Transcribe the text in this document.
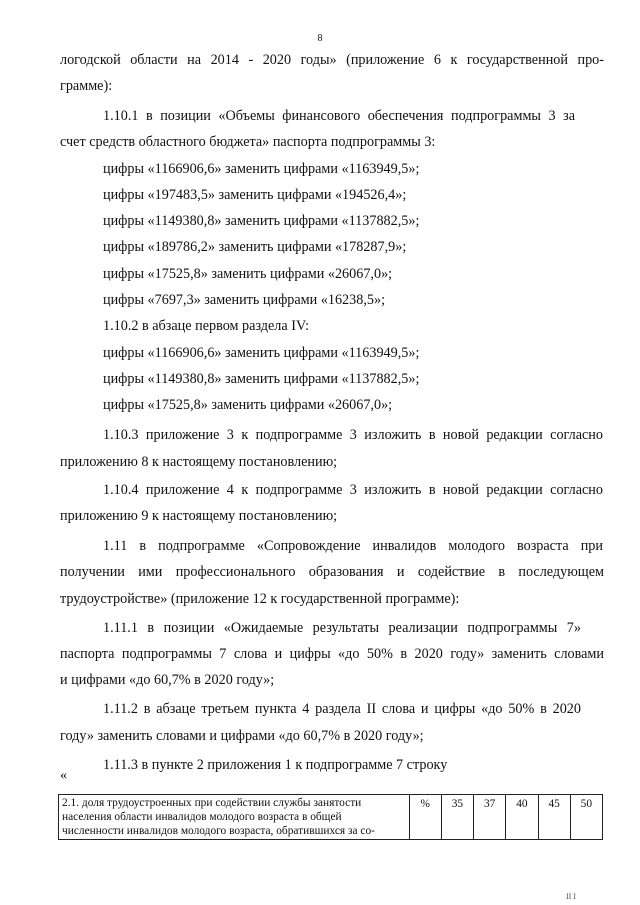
8
логодской области на 2014 - 2020 годы» (приложение 6 к государственной про-
грамме):
1.10.1 в позиции «Объемы финансового обеспечения подпрограммы 3 за
счет средств областного бюджета» паспорта подпрограммы 3:
цифры «1166906,6» заменить цифрами «1163949,5»;
цифры «197483,5» заменить цифрами «194526,4»;
цифры «1149380,8» заменить цифрами «1137882,5»;
цифры «189786,2» заменить цифрами «178287,9»;
цифры «17525,8» заменить цифрами «26067,0»;
цифры «7697,3» заменить цифрами «16238,5»;
1.10.2 в абзаце первом раздела IV:
цифры «1166906,6» заменить цифрами «1163949,5»;
цифры «1149380,8» заменить цифрами «1137882,5»;
цифры «17525,8» заменить цифрами «26067,0»;
1.10.3 приложение 3 к подпрограмме 3 изложить в новой редакции согласно
приложению 8 к настоящему постановлению;
1.10.4 приложение 4 к подпрограмме 3 изложить в новой редакции согласно
приложению 9 к настоящему постановлению;
1.11 в подпрограмме «Сопровождение инвалидов молодого возраста при
получении ими профессионального образования и содействие в последующем
трудоустройстве» (приложение 12 к государственной программе):
1.11.1 в позиции «Ожидаемые результаты реализации подпрограммы 7»
паспорта подпрограммы 7 слова и цифры «до 50% в 2020 году» заменить словами
и цифрами «до 60,7% в 2020 году»;
1.11.2 в абзаце третьем пункта 4 раздела II слова и цифры «до 50% в 2020
году» заменить словами и цифрами «до 60,7% в 2020 году»;
1.11.3 в пункте 2 приложения 1 к подпрограмме 7 строку
«
2.1. доля трудоустроенных при содействии службы занятости населения области инвалидов молодого возраста в общей численности инвалидов молодого возраста, обратившихся за со-	%	35	37	40	45	50
II I
